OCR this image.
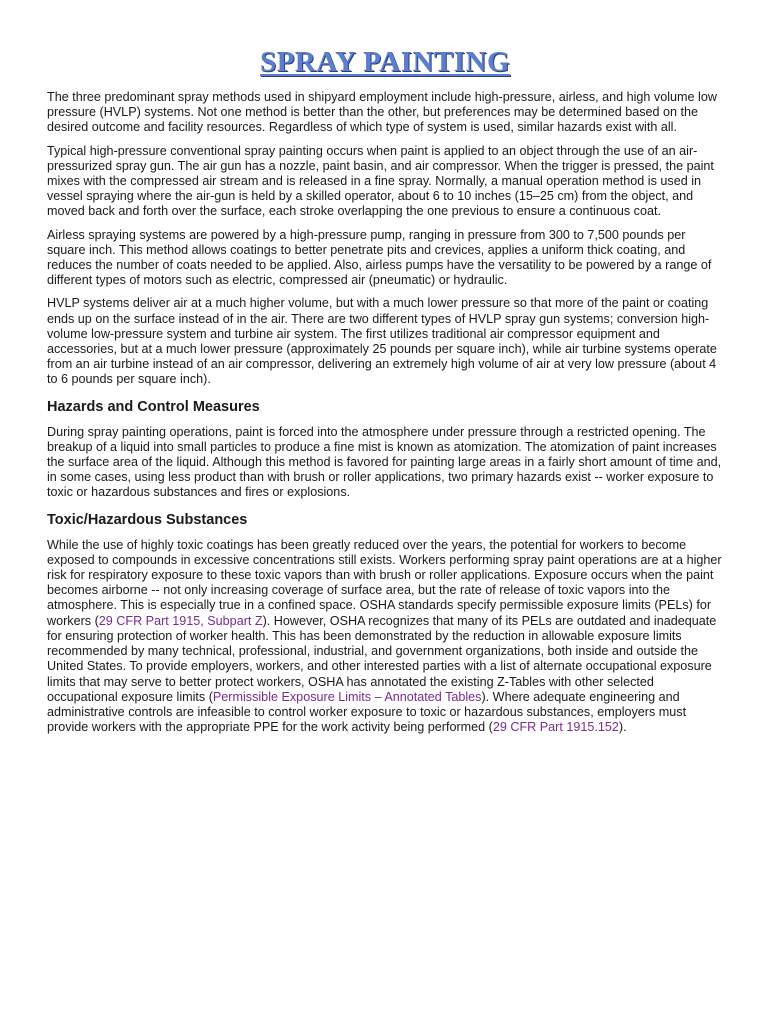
SPRAY PAINTING

The three predominant spray methods used in shipyard employment include high-pressure, airless, and high volume low pressure (HVLP) systems. Not one method is better than the other, but preferences may be determined based on the desired outcome and facility resources. Regardless of which type of system is used, similar hazards exist with all.

Typical high-pressure conventional spray painting occurs when paint is applied to an object through the use of an air-pressurized spray gun. The air gun has a nozzle, paint basin, and air compressor. When the trigger is pressed, the paint mixes with the compressed air stream and is released in a fine spray. Normally, a manual operation method is used in vessel spraying where the air-gun is held by a skilled operator, about 6 to 10 inches (15–25 cm) from the object, and moved back and forth over the surface, each stroke overlapping the one previous to ensure a continuous coat.

Airless spraying systems are powered by a high-pressure pump, ranging in pressure from 300 to 7,500 pounds per square inch. This method allows coatings to better penetrate pits and crevices, applies a uniform thick coating, and reduces the number of coats needed to be applied. Also, airless pumps have the versatility to be powered by a range of different types of motors such as electric, compressed air (pneumatic) or hydraulic.

HVLP systems deliver air at a much higher volume, but with a much lower pressure so that more of the paint or coating ends up on the surface instead of in the air. There are two different types of HVLP spray gun systems; conversion high-volume low-pressure system and turbine air system. The first utilizes traditional air compressor equipment and accessories, but at a much lower pressure (approximately 25 pounds per square inch), while air turbine systems operate from an air turbine instead of an air compressor, delivering an extremely high volume of air at very low pressure (about 4 to 6 pounds per square inch).

Hazards and Control Measures

During spray painting operations, paint is forced into the atmosphere under pressure through a restricted opening. The breakup of a liquid into small particles to produce a fine mist is known as atomization. The atomization of paint increases the surface area of the liquid. Although this method is favored for painting large areas in a fairly short amount of time and, in some cases, using less product than with brush or roller applications, two primary hazards exist -- worker exposure to toxic or hazardous substances and fires or explosions.

Toxic/Hazardous Substances

While the use of highly toxic coatings has been greatly reduced over the years, the potential for workers to become exposed to compounds in excessive concentrations still exists. Workers performing spray paint operations are at a higher risk for respiratory exposure to these toxic vapors than with brush or roller applications. Exposure occurs when the paint becomes airborne -- not only increasing coverage of surface area, but the rate of release of toxic vapors into the atmosphere. This is especially true in a confined space. OSHA standards specify permissible exposure limits (PELs) for workers (29 CFR Part 1915, Subpart Z). However, OSHA recognizes that many of its PELs are outdated and inadequate for ensuring protection of worker health. This has been demonstrated by the reduction in allowable exposure limits recommended by many technical, professional, industrial, and government organizations, both inside and outside the United States. To provide employers, workers, and other interested parties with a list of alternate occupational exposure limits that may serve to better protect workers, OSHA has annotated the existing Z-Tables with other selected occupational exposure limits (Permissible Exposure Limits – Annotated Tables). Where adequate engineering and administrative controls are infeasible to control worker exposure to toxic or hazardous substances, employers must provide workers with the appropriate PPE for the work activity being performed (29 CFR Part 1915.152).
